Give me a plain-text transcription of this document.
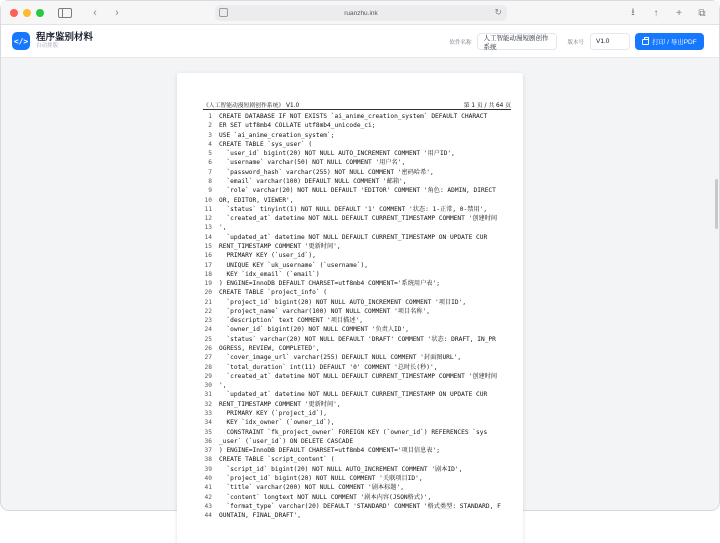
‹	›	ruanzhu.ink	↻	⭳	↑	+	⧉
</> 程序鉴别材料
自动排版
软件名称
人工智能动漫短剧创作系统
版本号	V1.0	打印 / 导出PDF
《人工智能动漫短剧创作系统》 V1.0	第 1 页 / 共 64 页
1 CREATE DATABASE IF NOT EXISTS `ai_anime_creation_system` DEFAULT CHARACT
2 ER SET utf8mb4 COLLATE utf8mb4_unicode_ci;
3 USE `ai_anime_creation_system`;
4 CREATE TABLE `sys_user` (
5 `user_id` bigint(20) NOT NULL AUTO_INCREMENT COMMENT '用户ID',
6 `username` varchar(50) NOT NULL COMMENT '用户名',
7 `password_hash` varchar(255) NOT NULL COMMENT '密码哈希',
8 `email` varchar(100) DEFAULT NULL COMMENT '邮箱',
9 `role` varchar(20) NOT NULL DEFAULT 'EDITOR' COMMENT '角色: ADMIN, DIRECT
10 OR, EDITOR, VIEWER',
11 `status` tinyint(1) NOT NULL DEFAULT '1' COMMENT '状态: 1-正常, 0-禁用',
12 `created_at` datetime NOT NULL DEFAULT CURRENT_TIMESTAMP COMMENT '创建时间
13 ',
14 `updated_at` datetime NOT NULL DEFAULT CURRENT_TIMESTAMP ON UPDATE CUR
15 RENT_TIMESTAMP COMMENT '更新时间',
16 PRIMARY KEY (`user_id`),
17 UNIQUE KEY `uk_username` (`username`),
18 KEY `idx_email` (`email`)
19 ) ENGINE=InnoDB DEFAULT CHARSET=utf8mb4 COMMENT='系统用户表';
20 CREATE TABLE `project_info` (
21 `project_id` bigint(20) NOT NULL AUTO_INCREMENT COMMENT '项目ID',
22 `project_name` varchar(100) NOT NULL COMMENT '项目名称',
23 `description` text COMMENT '项目描述',
24 `owner_id` bigint(20) NOT NULL COMMENT '负责人ID',
25 `status` varchar(20) NOT NULL DEFAULT 'DRAFT' COMMENT '状态: DRAFT, IN_PR
26 OGRESS, REVIEW, COMPLETED',
27 `cover_image_url` varchar(255) DEFAULT NULL COMMENT '封面图URL',
28 `total_duration` int(11) DEFAULT '0' COMMENT '总时长(秒)',
29 `created_at` datetime NOT NULL DEFAULT CURRENT_TIMESTAMP COMMENT '创建时间
30 ',
31 `updated_at` datetime NOT NULL DEFAULT CURRENT_TIMESTAMP ON UPDATE CUR
32 RENT_TIMESTAMP COMMENT '更新时间',
33 PRIMARY KEY (`project_id`),
34 KEY `idx_owner` (`owner_id`),
35 CONSTRAINT `fk_project_owner` FOREIGN KEY (`owner_id`) REFERENCES `sys
36 _user` (`user_id`) ON DELETE CASCADE
37 ) ENGINE=InnoDB DEFAULT CHARSET=utf8mb4 COMMENT='项目信息表';
38 CREATE TABLE `script_content` (
39 `script_id` bigint(20) NOT NULL AUTO_INCREMENT COMMENT '剧本ID',
40 `project_id` bigint(20) NOT NULL COMMENT '关联项目ID',
41 `title` varchar(200) NOT NULL COMMENT '剧本标题',
42 `content` longtext NOT NULL COMMENT '剧本内容(JSON格式)',
43 `format_type` varchar(20) DEFAULT 'STANDARD' COMMENT '格式类型: STANDARD, F
44 OUNTAIN, FINAL_DRAFT',
